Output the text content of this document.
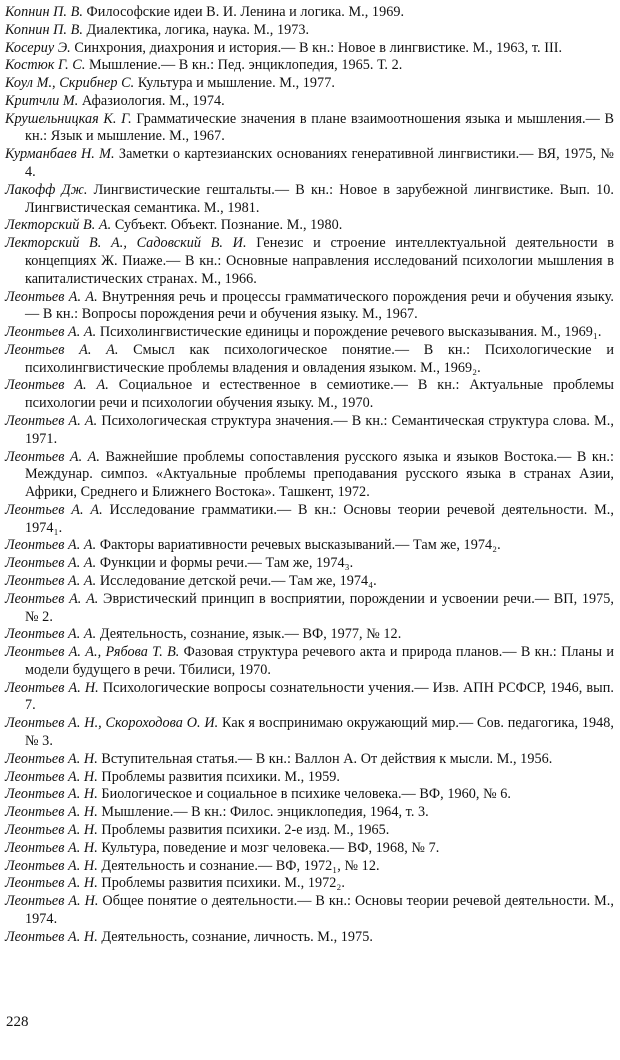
Копнин П. В. Философские идеи В. И. Ленина и логика. М., 1969.
Копнин П. В. Диалектика, логика, наука. М., 1973.
Косериу Э. Синхрония, диахрония и история.— В кн.: Новое в лингвистике. М., 1963, т. III.
Костюк Г. С. Мышление.— В кн.: Пед. энциклопедия, 1965. Т. 2.
Коул М., Скрибнер С. Культура и мышление. М., 1977.
Критчли М. Афазиология. М., 1974.
Крушельницкая К. Г. Грамматические значения в плане взаимоотношения языка и мышления.— В кн.: Язык и мышление. М., 1967.
Курманбаев Н. М. Заметки о картезианских основаниях генеративной лингвистики.— ВЯ, 1975, № 4.
Лакофф Дж. Лингвистические гештальты.— В кн.: Новое в зарубежной лингвистике. Вып. 10. Лингвистическая семантика. М., 1981.
Лекторский В. А. Субъект. Объект. Познание. М., 1980.
Лекторский В. А., Садовский В. И. Генезис и строение интеллектуальной деятельности в концепциях Ж. Пиаже.— В кн.: Основные направления исследований психологии мышления в капиталистических странах. М., 1966.
Леонтьев А. А. Внутренняя речь и процессы грамматического порождения речи и обучения языку.— В кн.: Вопросы порождения речи и обучения языку. М., 1967.
Леонтьев А. А. Психолингвистические единицы и порождение речевого высказывания. М., 1969₁.
Леонтьев А. А. Смысл как психологическое понятие.— В кн.: Психологические и психолингвистические проблемы владения и овладения языком. М., 1969₂.
Леонтьев А. А. Социальное и естественное в семиотике.— В кн.: Актуальные проблемы психологии речи и психологии обучения языку. М., 1970.
Леонтьев А. А. Психологическая структура значения.— В кн.: Семантическая структура слова. М., 1971.
Леонтьев А. А. Важнейшие проблемы сопоставления русского языка и языков Востока.— В кн.: Междунар. симпоз. «Актуальные проблемы преподавания русского языка в странах Азии, Африки, Среднего и Ближнего Востока». Ташкент, 1972.
Леонтьев А. А. Исследование грамматики.— В кн.: Основы теории речевой деятельности. М., 1974₁.
Леонтьев А. А. Факторы вариативности речевых высказываний.— Там же, 1974₂.
Леонтьев А. А. Функции и формы речи.— Там же, 1974₃.
Леонтьев А. А. Исследование детской речи.— Там же, 1974₄.
Леонтьев А. А. Эвристический принцип в восприятии, порождении и усвоении речи.— ВП, 1975, № 2.
Леонтьев А. А. Деятельность, сознание, язык.— ВФ, 1977, № 12.
Леонтьев А. А., Рябова Т. В. Фазовая структура речевого акта и природа планов.— В кн.: Планы и модели будущего в речи. Тбилиси, 1970.
Леонтьев А. Н. Психологические вопросы сознательности учения.— Изв. АПН РСФСР, 1946, вып. 7.
Леонтьев А. Н., Скороходова О. И. Как я воспринимаю окружающий мир.— Сов. педагогика, 1948, № 3.
Леонтьев А. Н. Вступительная статья.— В кн.: Валлон А. От действия к мысли. М., 1956.
Леонтьев А. Н. Проблемы развития психики. М., 1959.
Леонтьев А. Н. Биологическое и социальное в психике человека.— ВФ, 1960, № 6.
Леонтьев А. Н. Мышление.— В кн.: Филос. энциклопедия, 1964, т. 3.
Леонтьев А. Н. Проблемы развития психики. 2-е изд. М., 1965.
Леонтьев А. Н. Культура, поведение и мозг человека.— ВФ, 1968, № 7.
Леонтьев А. Н. Деятельность и сознание.— ВФ, 1972₁, № 12.
Леонтьев А. Н. Проблемы развития психики. М., 1972₂.
Леонтьев А. Н. Общее понятие о деятельности.— В кн.: Основы теории речевой деятельности. М., 1974.
Леонтьев А. Н. Деятельность, сознание, личность. М., 1975.
228
